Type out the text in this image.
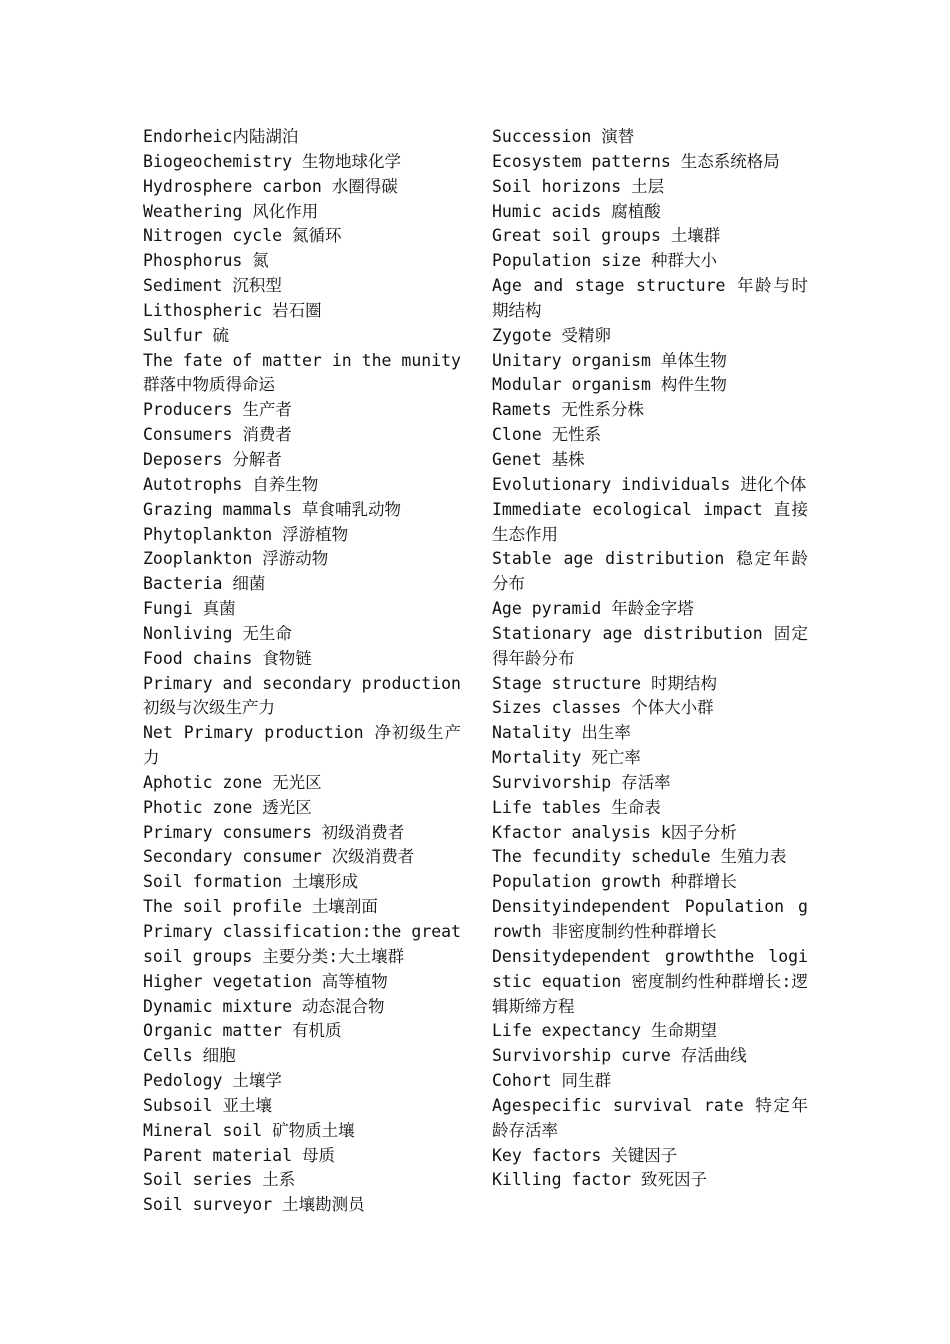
Endorheic内陆湖泊
Biogeochemistry 生物地球化学
Hydrosphere carbon 水圈得碳
Weathering 风化作用
Nitrogen cycle 氮循环
Phosphorus 氮
Sediment 沉积型
Lithospheric 岩石圈
Sulfur 硫
The fate of matter in the munity 群落中物质得命运
Producers 生产者
Consumers 消费者
Deposers 分解者
Autotrophs 自养生物
Grazing mammals 草食哺乳动物
Phytoplankton 浮游植物
Zooplankton 浮游动物
Bacteria 细菌
Fungi 真菌
Nonliving 无生命
Food chains 食物链
Primary and secondary production 初级与次级生产力
Net Primary production 净初级生产力
Aphotic zone 无光区
Photic zone 透光区
Primary consumers 初级消费者
Secondary consumer 次级消费者
Soil formation 土壤形成
The soil profile 土壤剖面
Primary classification:the great soil groups 主要分类:大土壤群
Higher vegetation 高等植物
Dynamic mixture 动态混合物
Organic matter 有机质
Cells 细胞
Pedology 土壤学
Subsoil 亚土壤
Mineral soil 矿物质土壤
Parent material 母质
Soil series 土系
Soil surveyor 土壤勘测员
Succession 演替
Ecosystem patterns 生态系统格局
Soil horizons 土层
Humic acids 腐植酸
Great soil groups 土壤群
Population size 种群大小
Age and stage structure 年龄与时期结构
Zygote 受精卵
Unitary organism 单体生物
Modular organism 构件生物
Ramets 无性系分株
Clone 无性系
Genet 基株
Evolutionary individuals 进化个体
Immediate ecological impact 直接生态作用
Stable age distribution 稳定年龄分布
Age pyramid 年龄金字塔
Stationary age distribution 固定得年龄分布
Stage structure 时期结构
Sizes classes 个体大小群
Natality 出生率
Mortality 死亡率
Survivorship 存活率
Life tables 生命表
Kfactor analysis k因子分析
The fecundity schedule 生殖力表
Population growth 种群增长
Densityindependent Population growth 非密度制约性种群增长
Densitydependent growththe logistic equation 密度制约性种群增长:逻辑斯缔方程
Life expectancy 生命期望
Survivorship curve 存活曲线
Cohort 同生群
Agespecific survival rate 特定年龄存活率
Key factors 关键因子
Killing factor 致死因子
